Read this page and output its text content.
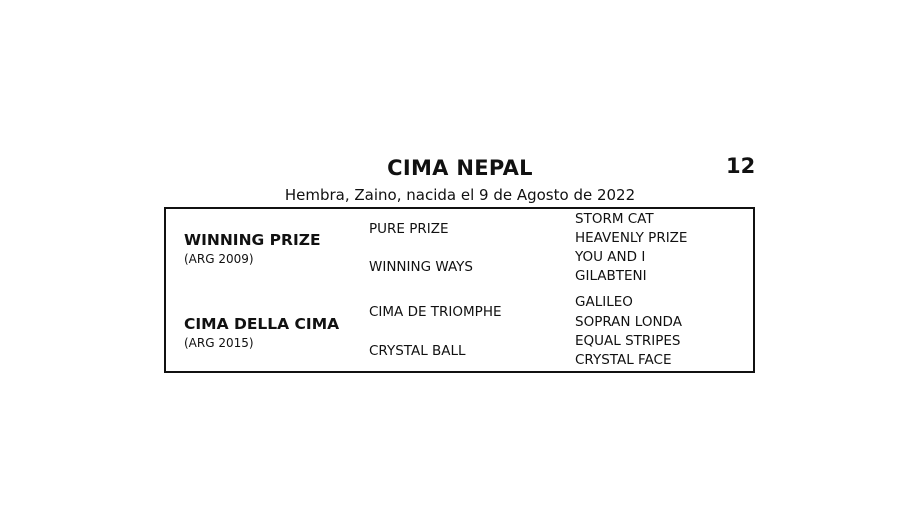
CIMA NEPAL	12
Hembra, Zaino, nacida el 9 de Agosto de 2022
WINNING PRIZE
(ARG 2009)
PURE PRIZE
WINNING WAYS
STORM CAT
HEAVENLY PRIZE
YOU AND I
GILABTENI
CIMA DELLA CIMA
(ARG 2015)
CIMA DE TRIOMPHE
CRYSTAL BALL
GALILEO
SOPRAN LONDA
EQUAL STRIPES
CRYSTAL FACE
